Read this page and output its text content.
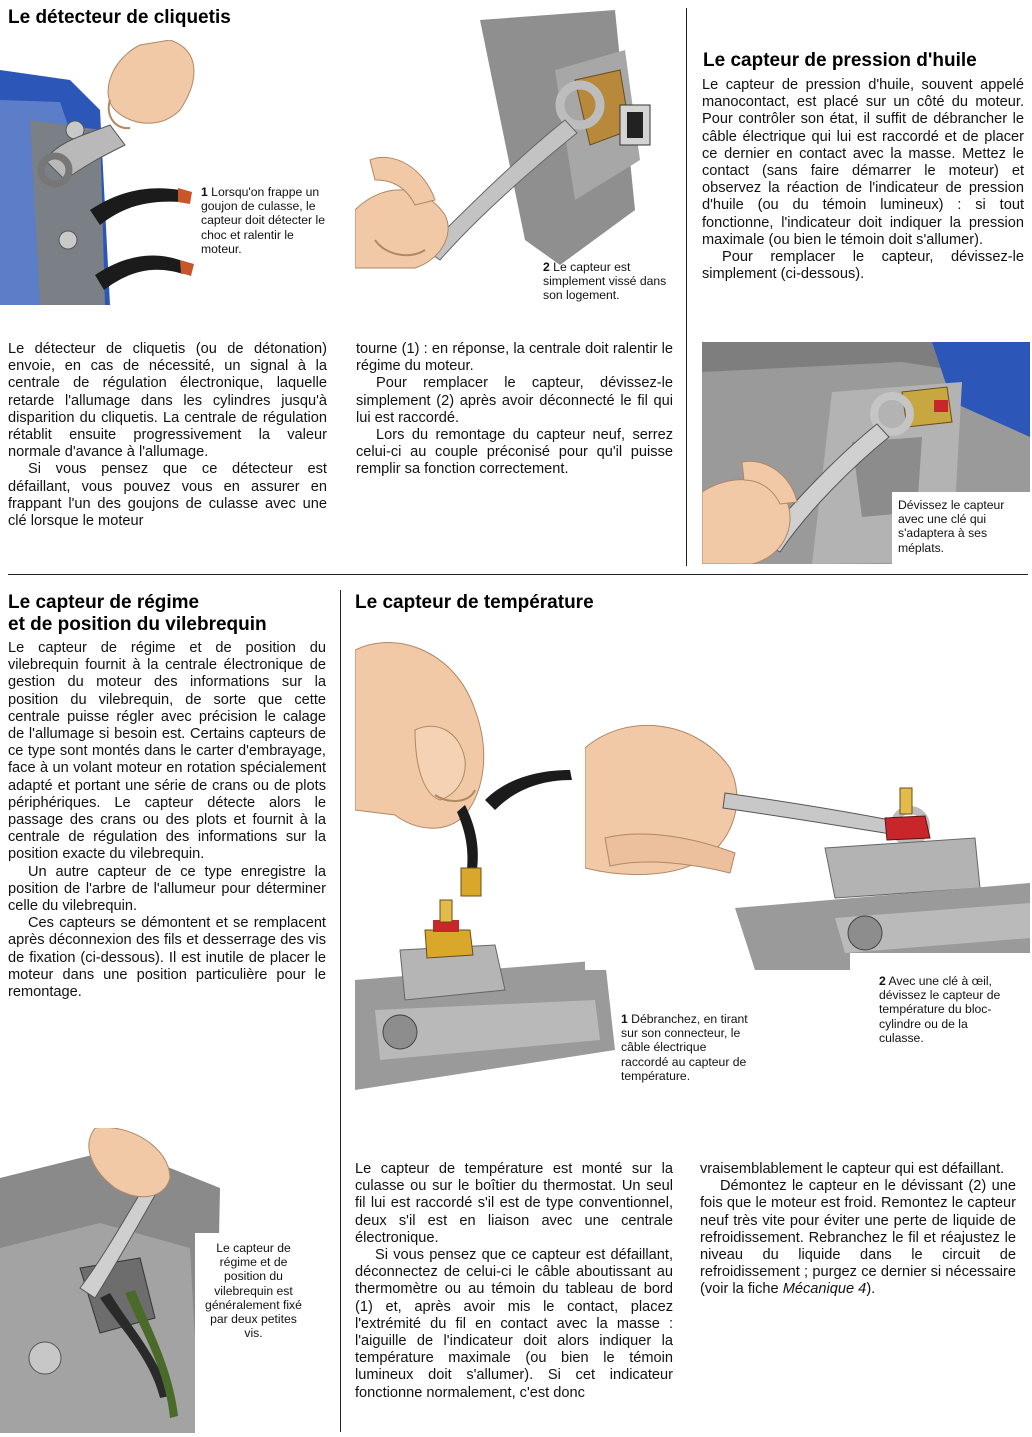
Le détecteur de cliquetis
1 Lorsqu'on frappe un goujon de culasse, le capteur doit détecter le choc et ralentir le moteur.
2 Le capteur est simplement vissé dans son logement.

Le détecteur de cliquetis (ou de détonation) envoie, en cas de nécessité, un signal à la centrale de régulation électronique, laquelle retarde l'allumage dans les cylindres jusqu'à disparition du cliquetis. La centrale de régulation rétablit ensuite progressivement la valeur normale d'avance à l'allumage.

Si vous pensez que ce détecteur est défaillant, vous pouvez vous en assurer en frappant l'un des goujons de culasse avec une clé lorsque le moteur

tourne (1) : en réponse, la centrale doit ralentir le régime du moteur.

Pour remplacer le capteur, dévissez-le simplement (2) après avoir déconnecté le fil qui lui est raccordé.

Lors du remontage du capteur neuf, serrez celui-ci au couple préconisé pour qu'il puisse remplir sa fonction correctement.

Le capteur de pression d'huile

Le capteur de pression d'huile, souvent appelé manocontact, est placé sur un côté du moteur. Pour contrôler son état, il suffit de débrancher le câble électrique qui lui est raccordé et de placer ce dernier en contact avec la masse. Mettez le contact (sans faire démarrer le moteur) et observez la réaction de l'indicateur de pression d'huile (ou du témoin lumineux) : si tout fonctionne, l'indicateur doit indiquer la pression maximale (ou bien le témoin doit s'allumer).

Pour remplacer le capteur, dévissez-le simplement (ci-dessous).

Dévissez le capteur avec une clé qui s'adaptera à ses méplats.
Le capteur de régime
et de position du vilebrequin

Le capteur de régime et de position du vilebrequin fournit à la centrale électronique de gestion du moteur des informations sur la position du vilebrequin, de sorte que cette centrale puisse régler avec précision le calage de l'allumage si besoin est. Certains capteurs de ce type sont montés dans le carter d'embrayage, face à un volant moteur en rotation spécialement adapté et portant une série de crans ou de plots périphériques. Le capteur détecte alors le passage des crans ou des plots et fournit à la centrale de régulation des informations sur la position exacte du vilebrequin.

Un autre capteur de ce type enregistre la position de l'arbre de l'allumeur pour déterminer celle du vilebrequin.

Ces capteurs se démontent et se remplacent après déconnexion des fils et desserrage des vis de fixation (ci-dessous). Il est inutile de placer le moteur dans une position particulière pour le remontage.

Le capteur de régime et de position du vilebrequin est généralement fixé par deux petites vis.
Le capteur de température
1 Débranchez, en tirant sur son connecteur, le câble électrique raccordé au capteur de température.
2 Avec une clé à œil, dévissez le capteur de température du bloc-cylindre ou de la culasse.

Le capteur de température est monté sur la culasse ou sur le boîtier du thermostat. Un seul fil lui est raccordé s'il est de type conventionnel, deux s'il est en liaison avec une centrale électronique.

Si vous pensez que ce capteur est défaillant, déconnectez de celui-ci le câble aboutissant au thermomètre ou au témoin du tableau de bord (1) et, après avoir mis le contact, placez l'extrémité du fil en contact avec la masse : l'aiguille de l'indicateur doit alors indiquer la température maximale (ou bien le témoin lumineux doit s'allumer). Si cet indicateur fonctionne normalement, c'est donc

vraisemblablement le capteur qui est défaillant.

Démontez le capteur en le dévissant (2) une fois que le moteur est froid. Remontez le capteur neuf très vite pour éviter une perte de liquide de refroidissement. Rebranchez le fil et réajustez le niveau du liquide dans le circuit de refroidissement ; purgez ce dernier si nécessaire (voir la fiche Mécanique 4).
